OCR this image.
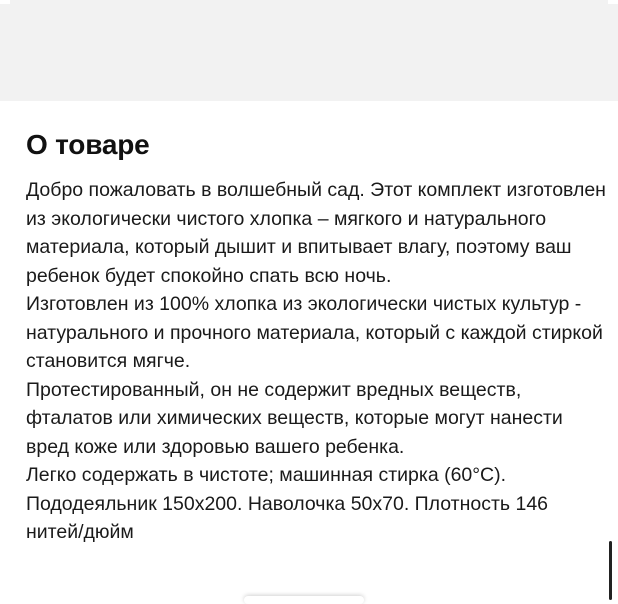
О товаре

Добро пожаловать в волшебный сад. Этот комплект изготовлен из экологически чистого хлопка – мягкого и натурального материала, который дышит и впитывает влагу, поэтому ваш ребенок будет спокойно спать всю ночь.

Изготовлен из 100% хлопка из экологически чистых культур - натурального и прочного материала, который с каждой стиркой становится мягче.

Протестированный, он не содержит вредных веществ, фталатов или химических веществ, которые могут нанести вред коже или здоровью вашего ребенка.

Легко содержать в чистоте; машинная стирка (60°C).

Пододеяльник 150х200. Наволочка 50х70. Плотность 146 нитей/дюйм
